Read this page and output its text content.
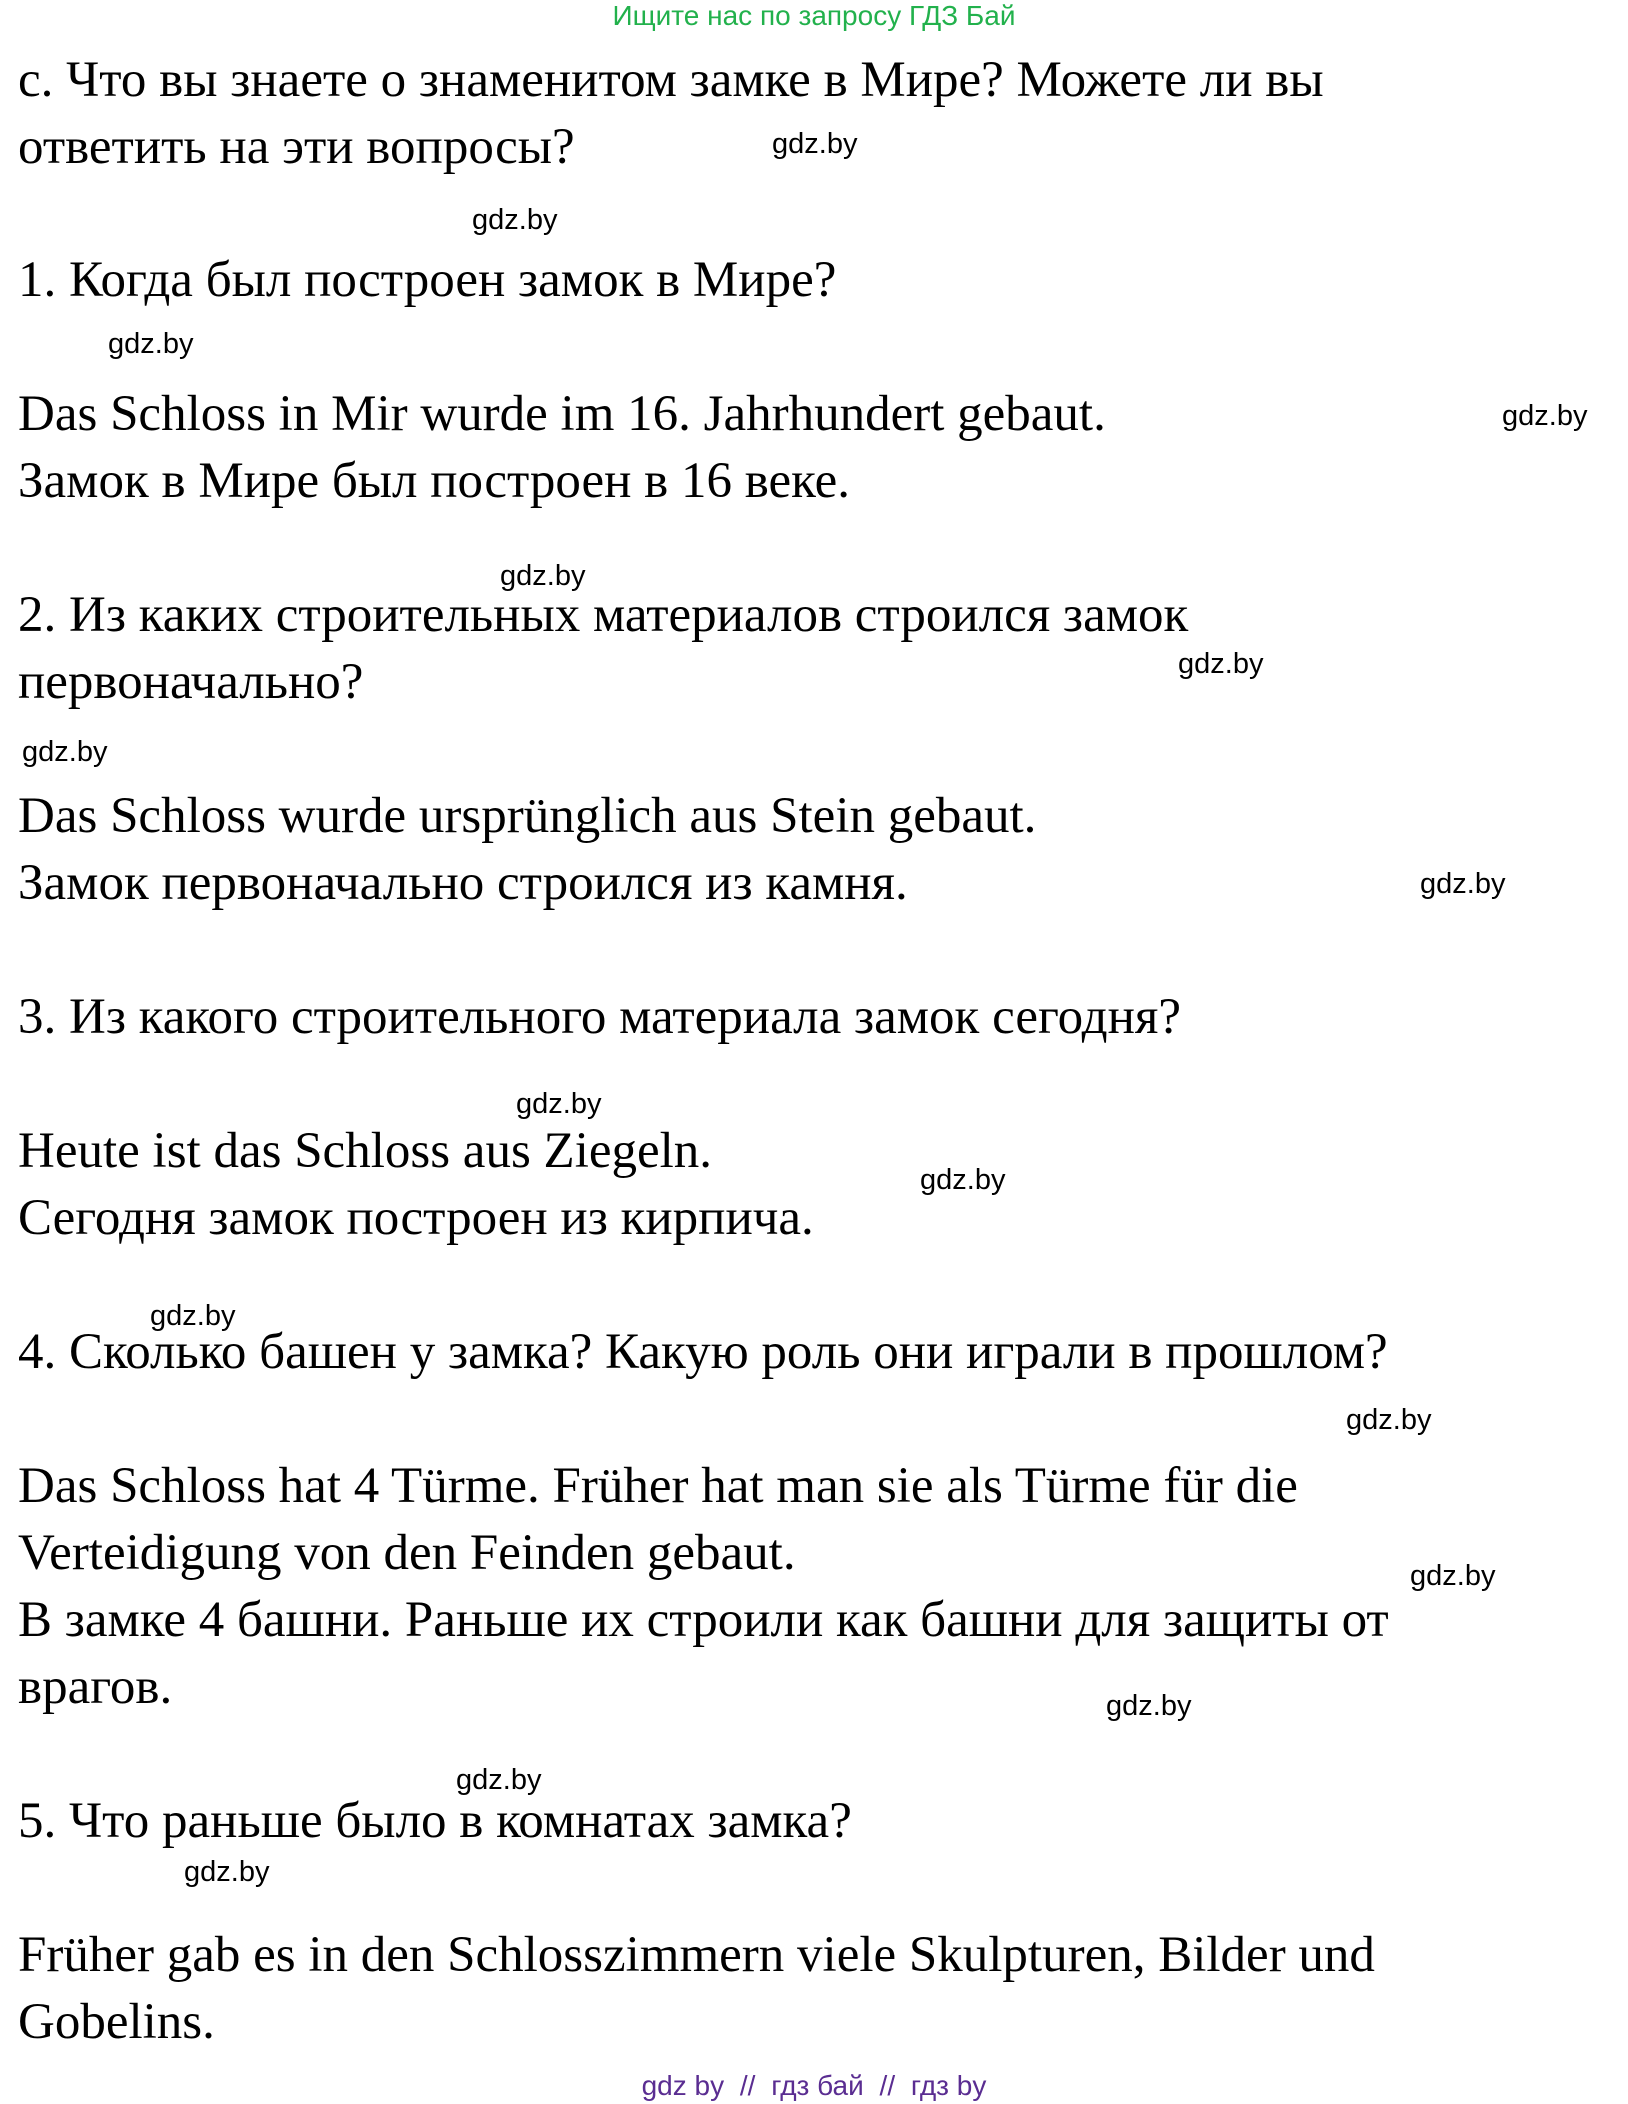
Ищите нас по запросу ГДЗ Бай
с. Что вы знаете о знаменитом замке в Мире? Можете ли вы
ответить на эти вопросы?
1. Когда был построен замок в Мире?
Das Schloss in Mir wurde im 16. Jahrhundert gebaut.
Замок в Мире был построен в 16 веке.
2. Из каких строительных материалов строился замок
первоначально?
Das Schloss wurde ursprünglich aus Stein gebaut.
Замок первоначально строился из камня.
3. Из какого строительного материала замок сегодня?
Heute ist das Schloss aus Ziegeln.
Сегодня замок построен из кирпича.
4. Сколько башен у замка? Какую роль они играли в прошлом?
Das Schloss hat 4 Türme. Früher hat man sie als Türme für die
Verteidigung von den Feinden gebaut.
В замке 4 башни. Раньше их строили как башни для защиты от
врагов.
5. Что раньше было в комнатах замка?
Früher gab es in den Schlosszimmern viele Skulpturen, Bilder und
Gobelins.
gdz.by
gdz.by
gdz.by
gdz.by
gdz.by
gdz.by
gdz.by
gdz.by
gdz.by
gdz.by
gdz.by
gdz.by
gdz.by
gdz.by
gdz.by
gdz.by
gdz by // гдз бай // гдз by
